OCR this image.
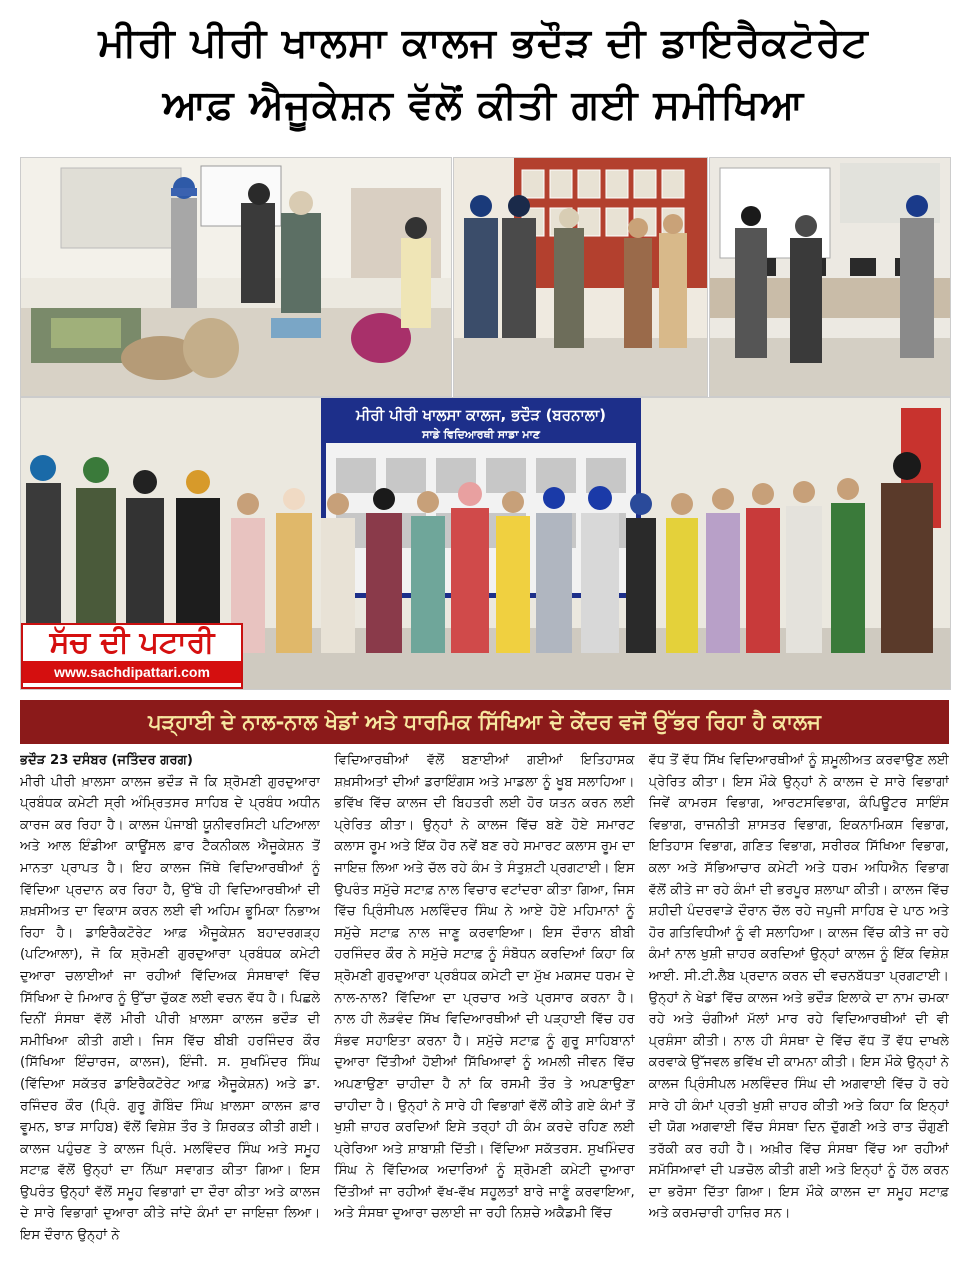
ਮੀਰੀ ਪੀਰੀ ਖਾਲਸਾ ਕਾਲਜ ਭਦੌੜ ਦੀ ਡਾਇਰੈਕਟੋਰੇਟ
ਆਫ਼ ਐਜੂਕੇਸ਼ਨ ਵੱਲੋਂ ਕੀਤੀ ਗਈ ਸਮੀਖਿਆ
ਮੀਰੀ ਪੀਰੀ ਖਾਲਸਾ ਕਾਲਜ, ਭਦੌੜ (ਬਰਨਾਲਾ)
ਸਾਡੇ ਵਿਦਿਆਰਥੀ ਸਾਡਾ ਮਾਣ
ਸੱਚ ਦੀ ਪਟਾਰੀ
www.sachdipattari.com
ਪੜ੍ਹਾਈ ਦੇ ਨਾਲ-ਨਾਲ ਖੇਡਾਂ ਅਤੇ ਧਾਰਮਿਕ ਸਿੱਖਿਆ ਦੇ ਕੇਂਦਰ ਵਜੋਂ ਉੱਭਰ ਰਿਹਾ ਹੈ ਕਾਲਜ
ਭਦੌੜ 23 ਦਸੰਬਰ (ਜਤਿੰਦਰ ਗਰਗ)
ਮੀਰੀ ਪੀਰੀ ਖ਼ਾਲਸਾ ਕਾਲਜ ਭਦੌੜ ਜੋ ਕਿ ਸ਼੍ਰੋਮਣੀ ਗੁਰਦੁਆਰਾ ਪ੍ਰਬੰਧਕ ਕਮੇਟੀ ਸ੍ਰੀ ਅੰਮ੍ਰਿਤਸਰ ਸਾਹਿਬ ਦੇ ਪ੍ਰਬੰਧ ਅਧੀਨ ਕਾਰਜ ਕਰ ਰਿਹਾ ਹੈ। ਕਾਲਜ ਪੰਜਾਬੀ ਯੂਨੀਵਰਸਿਟੀ ਪਟਿਆਲਾ ਅਤੇ ਆਲ ਇੰਡੀਆ ਕਾਊਂਸਲ ਫ਼ਾਰ ਟੈਕਨੀਕਲ ਐਜੂਕੇਸ਼ਨ ਤੋਂ ਮਾਨਤਾ ਪ੍ਰਾਪਤ ਹੈ। ਇਹ ਕਾਲਜ ਜਿੱਥੇ ਵਿਦਿਆਰਥੀਆਂ ਨੂੰ ਵਿੱਦਿਆ ਪ੍ਰਦਾਨ ਕਰ ਰਿਹਾ ਹੈ, ਉੱਥੇ ਹੀ ਵਿਦਿਆਰਥੀਆਂ ਦੀ ਸ਼ਖ਼ਸੀਅਤ ਦਾ ਵਿਕਾਸ ਕਰਨ ਲਈ ਵੀ ਅਹਿਮ ਭੂਮਿਕਾ ਨਿਭਾਅ ਰਿਹਾ ਹੈ। ਡਾਇਰੈਕਟੋਰੇਟ ਆਫ਼ ਐਜੂਕੇਸ਼ਨ ਬਹਾਦਰਗੜ੍ਹ (ਪਟਿਆਲਾ), ਜੋ ਕਿ ਸ਼੍ਰੋਮਣੀ ਗੁਰਦੁਆਰਾ ਪ੍ਰਬੰਧਕ ਕਮੇਟੀ ਦੁਆਰਾ ਚਲਾਈਆਂ ਜਾ ਰਹੀਆਂ ਵਿੱਦਿਅਕ ਸੰਸਥਾਵਾਂ ਵਿੱਚ ਸਿੱਖਿਆ ਦੇ ਮਿਆਰ ਨੂੰ ਉੱਚਾ ਚੁੱਕਣ ਲਈ ਵਚਨ ਵੱਧ ਹੈ। ਪਿਛਲੇ ਦਿਨੀਂ ਸੰਸਥਾ ਵੱਲੋਂ ਮੀਰੀ ਪੀਰੀ ਖ਼ਾਲਸਾ ਕਾਲਜ ਭਦੌੜ ਦੀ ਸਮੀਖਿਆ ਕੀਤੀ ਗਈ। ਜਿਸ ਵਿੱਚ ਬੀਬੀ ਹਰਜਿੰਦਰ ਕੌਰ (ਸਿੱਖਿਆ ਇੰਚਾਰਜ, ਕਾਲਜ), ਇੰਜੀ. ਸ. ਸੁਖਮਿੰਦਰ ਸਿੰਘ (ਵਿੱਦਿਆ ਸਕੱਤਰ ਡਾਇਰੈਕਟੋਰੇਟ ਆਫ਼ ਐਜੂਕੇਸ਼ਨ) ਅਤੇ ਡਾ. ਰਜਿੰਦਰ ਕੌਰ (ਪ੍ਰਿੰ. ਗੁਰੂ ਗੋਬਿੰਦ ਸਿੰਘ ਖ਼ਾਲਸਾ ਕਾਲਜ ਫ਼ਾਰ ਵੂਮਨ, ਝਾੜ ਸਾਹਿਬ) ਵੱਲੋਂ ਵਿਸ਼ੇਸ਼ ਤੌਰ ਤੇ ਸ਼ਿਰਕਤ ਕੀਤੀ ਗਈ। ਕਾਲਜ ਪਹੁੰਚਣ ਤੇ ਕਾਲਜ ਪ੍ਰਿੰ. ਮਲਵਿੰਦਰ ਸਿੰਘ ਅਤੇ ਸਮੂਹ ਸਟਾਫ਼ ਵੱਲੋਂ ਉਨ੍ਹਾਂ ਦਾ ਨਿੱਘਾ ਸਵਾਗਤ ਕੀਤਾ ਗਿਆ। ਇਸ ਉਪਰੰਤ ਉਨ੍ਹਾਂ ਵੱਲੋਂ ਸਮੂਹ ਵਿਭਾਗਾਂ ਦਾ ਦੌਰਾ ਕੀਤਾ ਅਤੇ ਕਾਲਜ ਦੇ ਸਾਰੇ ਵਿਭਾਗਾਂ ਦੁਆਰਾ ਕੀਤੇ ਜਾਂਦੇ ਕੰਮਾਂ ਦਾ ਜਾਇਜ਼ਾ ਲਿਆ। ਇਸ ਦੌਰਾਨ ਉਨ੍ਹਾਂ ਨੇ
ਵਿਦਿਆਰਥੀਆਂ ਵੱਲੋਂ ਬਣਾਈਆਂ ਗਈਆਂ ਇਤਿਹਾਸਕ ਸ਼ਖ਼ਸੀਅਤਾਂ ਦੀਆਂ ਡਰਾਇੰਗਸ ਅਤੇ ਮਾਡਲਾ ਨੂੰ ਖੂਬ ਸਲਾਹਿਆ। ਭਵਿੱਖ ਵਿੱਚ ਕਾਲਜ ਦੀ ਬਿਹਤਰੀ ਲਈ ਹੋਰ ਯਤਨ ਕਰਨ ਲਈ ਪ੍ਰੇਰਿਤ ਕੀਤਾ। ਉਨ੍ਹਾਂ ਨੇ ਕਾਲਜ ਵਿੱਚ ਬਣੇ ਹੋਏ ਸਮਾਰਟ ਕਲਾਸ ਰੂਮ ਅਤੇ ਇੱਕ ਹੋਰ ਨਵੇਂ ਬਣ ਰਹੇ ਸਮਾਰਟ ਕਲਾਸ ਰੂਮ ਦਾ ਜਾਇਜ਼ ਲਿਆ ਅਤੇ ਚੱਲ ਰਹੇ ਕੰਮ ਤੇ ਸੰਤੁਸ਼ਟੀ ਪ੍ਰਗਟਾਈ। ਇਸ ਉਪਰੰਤ ਸਮੁੱਚੇ ਸਟਾਫ਼ ਨਾਲ ਵਿਚਾਰ ਵਟਾਂਦਰਾ ਕੀਤਾ ਗਿਆ, ਜਿਸ ਵਿੱਚ ਪ੍ਰਿੰਸੀਪਲ ਮਲਵਿੰਦਰ ਸਿੰਘ ਨੇ ਆਏ ਹੋਏ ਮਹਿਮਾਨਾਂ ਨੂੰ ਸਮੁੱਚੇ ਸਟਾਫ਼ ਨਾਲ ਜਾਣੂ ਕਰਵਾਇਆ। ਇਸ ਦੌਰਾਨ ਬੀਬੀ ਹਰਜਿੰਦਰ ਕੌਰ ਨੇ ਸਮੁੱਚੇ ਸਟਾਫ਼ ਨੂੰ ਸੰਬੋਧਨ ਕਰਦਿਆਂ ਕਿਹਾ ਕਿ ਸ਼੍ਰੋਮਣੀ ਗੁਰਦੁਆਰਾ ਪ੍ਰਬੰਧਕ ਕਮੇਟੀ ਦਾ ਮੁੱਖ ਮਕਸਦ ਧਰਮ ਦੇ ਨਾਲ-ਨਾਲ? ਵਿੱਦਿਆ ਦਾ ਪ੍ਰਚਾਰ ਅਤੇ ਪ੍ਰਸਾਰ ਕਰਨਾ ਹੈ। ਨਾਲ ਹੀ ਲੋੜਵੰਦ ਸਿੱਖ ਵਿਦਿਆਰਥੀਆਂ ਦੀ ਪੜ੍ਹਾਈ ਵਿੱਚ ਹਰ ਸੰਭਵ ਸਹਾਇਤਾ ਕਰਨਾ ਹੈ। ਸਮੁੱਚੇ ਸਟਾਫ਼ ਨੂੰ ਗੁਰੂ ਸਾਹਿਬਾਨਾਂ ਦੁਆਰਾ ਦਿੱਤੀਆਂ ਹੋਈਆਂ ਸਿੱਖਿਆਵਾਂ ਨੂੰ ਅਮਲੀ ਜੀਵਨ ਵਿੱਚ ਅਪਣਾਉਣਾ ਚਾਹੀਦਾ ਹੈ ਨਾਂ ਕਿ ਰਸਮੀ ਤੌਰ ਤੇ ਅਪਣਾਉਣਾ ਚਾਹੀਦਾ ਹੈ। ਉਨ੍ਹਾਂ ਨੇ ਸਾਰੇ ਹੀ ਵਿਭਾਗਾਂ ਵੱਲੋਂ ਕੀਤੇ ਗਏ ਕੰਮਾਂ ਤੋਂ ਖੁਸ਼ੀ ਜ਼ਾਹਰ ਕਰਦਿਆਂ ਇਸੇ ਤਰ੍ਹਾਂ ਹੀ ਕੰਮ ਕਰਦੇ ਰਹਿਣ ਲਈ ਪ੍ਰੇਰਿਆ ਅਤੇ ਸ਼ਾਬਾਸ਼ੀ ਦਿੱਤੀ। ਵਿੱਦਿਆ ਸਕੱਤਰਸ. ਸੁਖਮਿੰਦਰ ਸਿੰਘ ਨੇ ਵਿੱਦਿਅਕ ਅਦਾਰਿਆਂ ਨੂੰ ਸ਼੍ਰੋਮਣੀ ਕਮੇਟੀ ਦੁਆਰਾ ਦਿੱਤੀਆਂ ਜਾ ਰਹੀਆਂ ਵੱਖ-ਵੱਖ ਸਹੂਲਤਾਂ ਬਾਰੇ ਜਾਣੂੰ ਕਰਵਾਇਆ, ਅਤੇ ਸੰਸਥਾ ਦੁਆਰਾ ਚਲਾਈ ਜਾ ਰਹੀ ਨਿਸ਼ਚੇ ਅਕੈਡਮੀ ਵਿੱਚ
ਵੱਧ ਤੋਂ ਵੱਧ ਸਿੱਖ ਵਿਦਿਆਰਥੀਆਂ ਨੂੰ ਸ਼ਮੂਲੀਅਤ ਕਰਵਾਉਣ ਲਈ ਪ੍ਰੇਰਿਤ ਕੀਤਾ। ਇਸ ਮੌਕੇ ਉਨ੍ਹਾਂ ਨੇ ਕਾਲਜ ਦੇ ਸਾਰੇ ਵਿਭਾਗਾਂ ਜਿਵੇਂ ਕਾਮਰਸ ਵਿਭਾਗ, ਆਰਟਸਵਿਭਾਗ, ਕੰਪਿਊਟਰ ਸਾਇੰਸ ਵਿਭਾਗ, ਰਾਜਨੀਤੀ ਸ਼ਾਸਤਰ ਵਿਭਾਗ, ਇਕਨਾਮਿਕਸ ਵਿਭਾਗ, ਇਤਿਹਾਸ ਵਿਭਾਗ, ਗਣਿਤ ਵਿਭਾਗ, ਸਰੀਰਕ ਸਿੱਖਿਆ ਵਿਭਾਗ, ਕਲਾ ਅਤੇ ਸੱਭਿਆਚਾਰ ਕਮੇਟੀ ਅਤੇ ਧਰਮ ਅਧਿਐਨ ਵਿਭਾਗ ਵੱਲੋਂ ਕੀਤੇ ਜਾ ਰਹੇ ਕੰਮਾਂ ਦੀ ਭਰਪੂਰ ਸ਼ਲਾਘਾ ਕੀਤੀ। ਕਾਲਜ ਵਿੱਚ ਸ਼ਹੀਦੀ ਪੰਦਰਵਾੜੇ ਦੌਰਾਨ ਚੱਲ ਰਹੇ ਜਪੁਜੀ ਸਾਹਿਬ ਦੇ ਪਾਠ ਅਤੇ ਹੋਰ ਗਤਿਵਿਧੀਆਂ ਨੂੰ ਵੀ ਸਲਾਹਿਆ। ਕਾਲਜ ਵਿੱਚ ਕੀਤੇ ਜਾ ਰਹੇ ਕੰਮਾਂ ਨਾਲ ਖੁਸ਼ੀ ਜ਼ਾਹਰ ਕਰਦਿਆਂ ਉਨ੍ਹਾਂ ਕਾਲਜ ਨੂੰ ਇੱਕ ਵਿਸ਼ੇਸ਼ ਆਈ. ਸੀ.ਟੀ.ਲੈਬ ਪ੍ਰਦਾਨ ਕਰਨ ਦੀ ਵਚਨਬੱਧਤਾ ਪ੍ਰਗਟਾਈ। ਉਨ੍ਹਾਂ ਨੇ ਖੇਡਾਂ ਵਿੱਚ ਕਾਲਜ ਅਤੇ ਭਦੌੜ ਇਲਾਕੇ ਦਾ ਨਾਮ ਚਮਕਾ ਰਹੇ ਅਤੇ ਚੰਗੀਆਂ ਮੱਲਾਂ ਮਾਰ ਰਹੇ ਵਿਦਿਆਰਥੀਆਂ ਦੀ ਵੀ ਪ੍ਰਸ਼ੰਸਾ ਕੀਤੀ। ਨਾਲ ਹੀ ਸੰਸਥਾ ਦੇ ਵਿੱਚ ਵੱਧ ਤੋਂ ਵੱਧ ਦਾਖਲੇ ਕਰਵਾਕੇ ਉੱਜਵਲ ਭਵਿੱਖ ਦੀ ਕਾਮਨਾ ਕੀਤੀ। ਇਸ ਮੌਕੇ ਉਨ੍ਹਾਂ ਨੇ ਕਾਲਜ ਪ੍ਰਿੰਸੀਪਲ ਮਲਵਿੰਦਰ ਸਿੰਘ ਦੀ ਅਗਵਾਈ ਵਿੱਚ ਹੋ ਰਹੇ ਸਾਰੇ ਹੀ ਕੰਮਾਂ ਪ੍ਰਤੀ ਖੁਸ਼ੀ ਜ਼ਾਹਰ ਕੀਤੀ ਅਤੇ ਕਿਹਾ ਕਿ ਇਨ੍ਹਾਂ ਦੀ ਯੋਗ ਅਗਵਾਈ ਵਿੱਚ ਸੰਸਥਾ ਦਿਨ ਦੁੱਗਣੀ ਅਤੇ ਰਾਤ ਚੌਗੁਣੀ ਤਰੱਕੀ ਕਰ ਰਹੀ ਹੈ। ਅਖ਼ੀਰ ਵਿੱਚ ਸੰਸਥਾ ਵਿੱਚ ਆ ਰਹੀਆਂ ਸਮੱਸਿਆਵਾਂ ਦੀ ਪੜਚੋਲ ਕੀਤੀ ਗਈ ਅਤੇ ਇਨ੍ਹਾਂ ਨੂੰ ਹੱਲ ਕਰਨ ਦਾ ਭਰੋਸਾ ਦਿੱਤਾ ਗਿਆ। ਇਸ ਮੌਕੇ ਕਾਲਜ ਦਾ ਸਮੂਹ ਸਟਾਫ਼ ਅਤੇ ਕਰਮਚਾਰੀ ਹਾਜ਼ਿਰ ਸਨ।
